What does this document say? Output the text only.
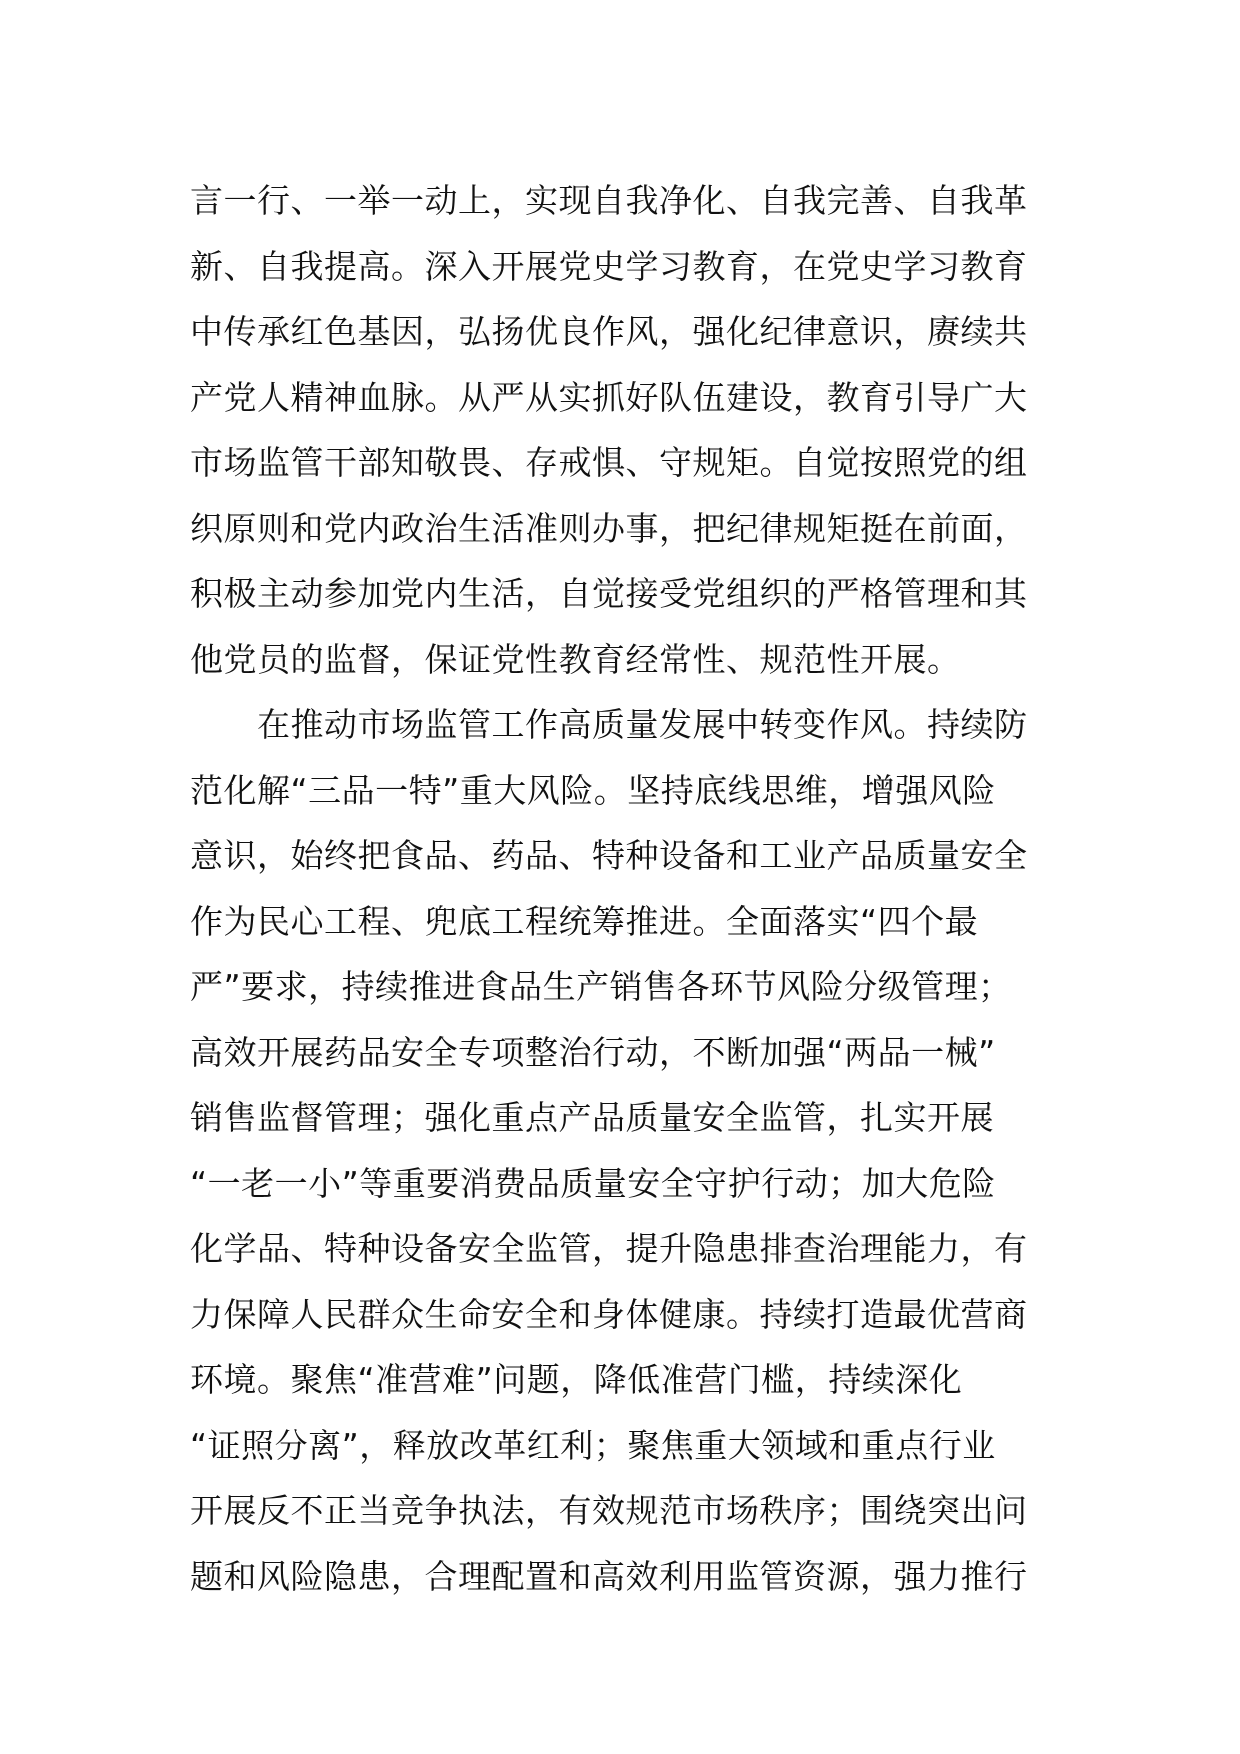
言一行、一举一动上，实现自我净化、自我完善、自我革
新、自我提高。深入开展党史学习教育，在党史学习教育
中传承红色基因，弘扬优良作风，强化纪律意识，赓续共
产党人精神血脉。从严从实抓好队伍建设，教育引导广大
市场监管干部知敬畏、存戒惧、守规矩。自觉按照党的组
织原则和党内政治生活准则办事，把纪律规矩挺在前面，
积极主动参加党内生活，自觉接受党组织的严格管理和其
他党员的监督，保证党性教育经常性、规范性开展。
　　在推动市场监管工作高质量发展中转变作风。持续防
范化解“三品一特”重大风险。坚持底线思维，增强风险
意识，始终把食品、药品、特种设备和工业产品质量安全
作为民心工程、兜底工程统筹推进。全面落实“四个最
严”要求，持续推进食品生产销售各环节风险分级管理；
高效开展药品安全专项整治行动，不断加强“两品一械”
销售监督管理；强化重点产品质量安全监管，扎实开展
“一老一小”等重要消费品质量安全守护行动；加大危险
化学品、特种设备安全监管，提升隐患排查治理能力，有
力保障人民群众生命安全和身体健康。持续打造最优营商
环境。聚焦“准营难”问题，降低准营门槛，持续深化
“证照分离”，释放改革红利；聚焦重大领域和重点行业
开展反不正当竞争执法，有效规范市场秩序；围绕突出问
题和风险隐患，合理配置和高效利用监管资源，强力推行
